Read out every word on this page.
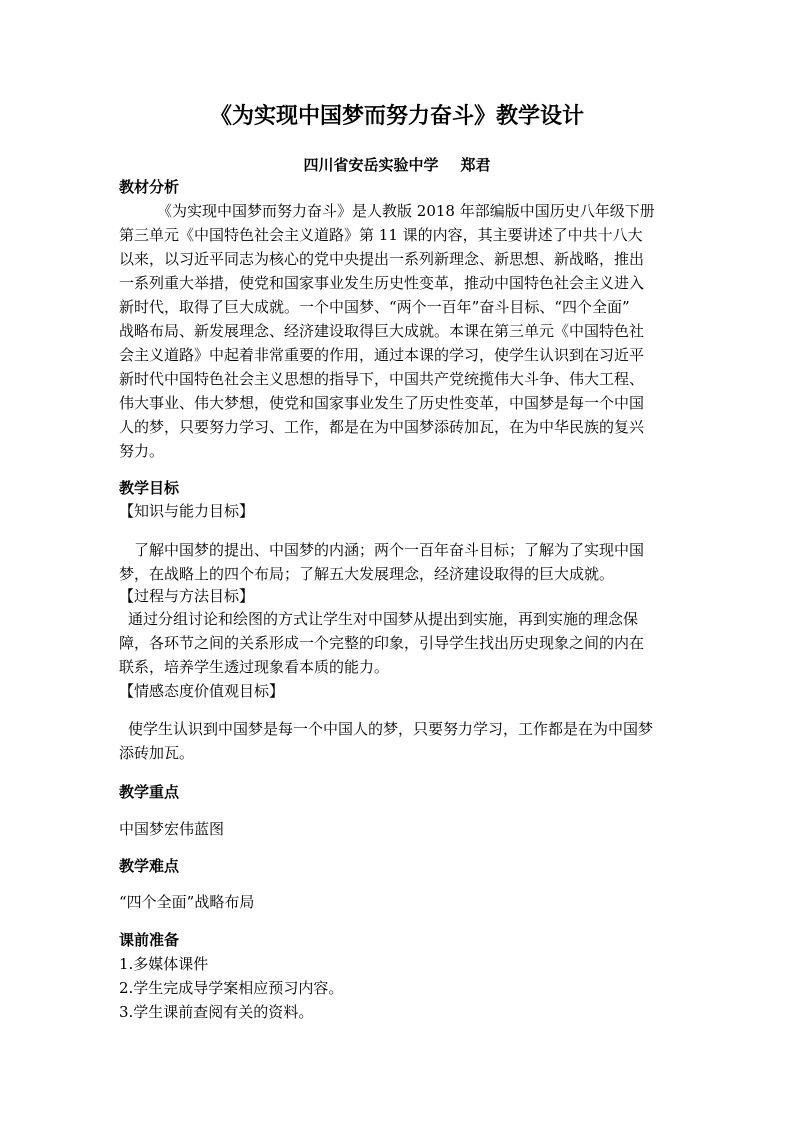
《为实现中国梦而努力奋斗》教学设计
四川省安岳实验中学 郑君
教材分析
《为实现中国梦而努力奋斗》是人教版 2018 年部编版中国历史八年级下册
第三单元《中国特色社会主义道路》第 11 课的内容，其主要讲述了中共十八大
以来，以习近平同志为核心的党中央提出一系列新理念、新思想、新战略，推出
一系列重大举措，使党和国家事业发生历史性变革，推动中国特色社会主义进入
新时代，取得了巨大成就。一个中国梦、“两个一百年”奋斗目标、“四个全面”
战略布局、新发展理念、经济建设取得巨大成就。本课在第三单元《中国特色社
会主义道路》中起着非常重要的作用，通过本课的学习，使学生认识到在习近平
新时代中国特色社会主义思想的指导下，中国共产党统揽伟大斗争、伟大工程、
伟大事业、伟大梦想，使党和国家事业发生了历史性变革，中国梦是每一个中国
人的梦，只要努力学习、工作，都是在为中国梦添砖加瓦，在为中华民族的复兴
努力。
教学目标
【知识与能力目标】
了解中国梦的提出、中国梦的内涵；两个一百年奋斗目标；了解为了实现中国
梦，在战略上的四个布局；了解五大发展理念，经济建设取得的巨大成就。
【过程与方法目标】
通过分组讨论和绘图的方式让学生对中国梦从提出到实施，再到实施的理念保
障，各环节之间的关系形成一个完整的印象，引导学生找出历史现象之间的内在
联系，培养学生透过现象看本质的能力。
【情感态度价值观目标】
使学生认识到中国梦是每一个中国人的梦，只要努力学习，工作都是在为中国梦
添砖加瓦。
教学重点
中国梦宏伟蓝图
教学难点
“四个全面”战略布局
课前准备
1.多媒体课件
2.学生完成导学案相应预习内容。
3.学生课前查阅有关的资料。
